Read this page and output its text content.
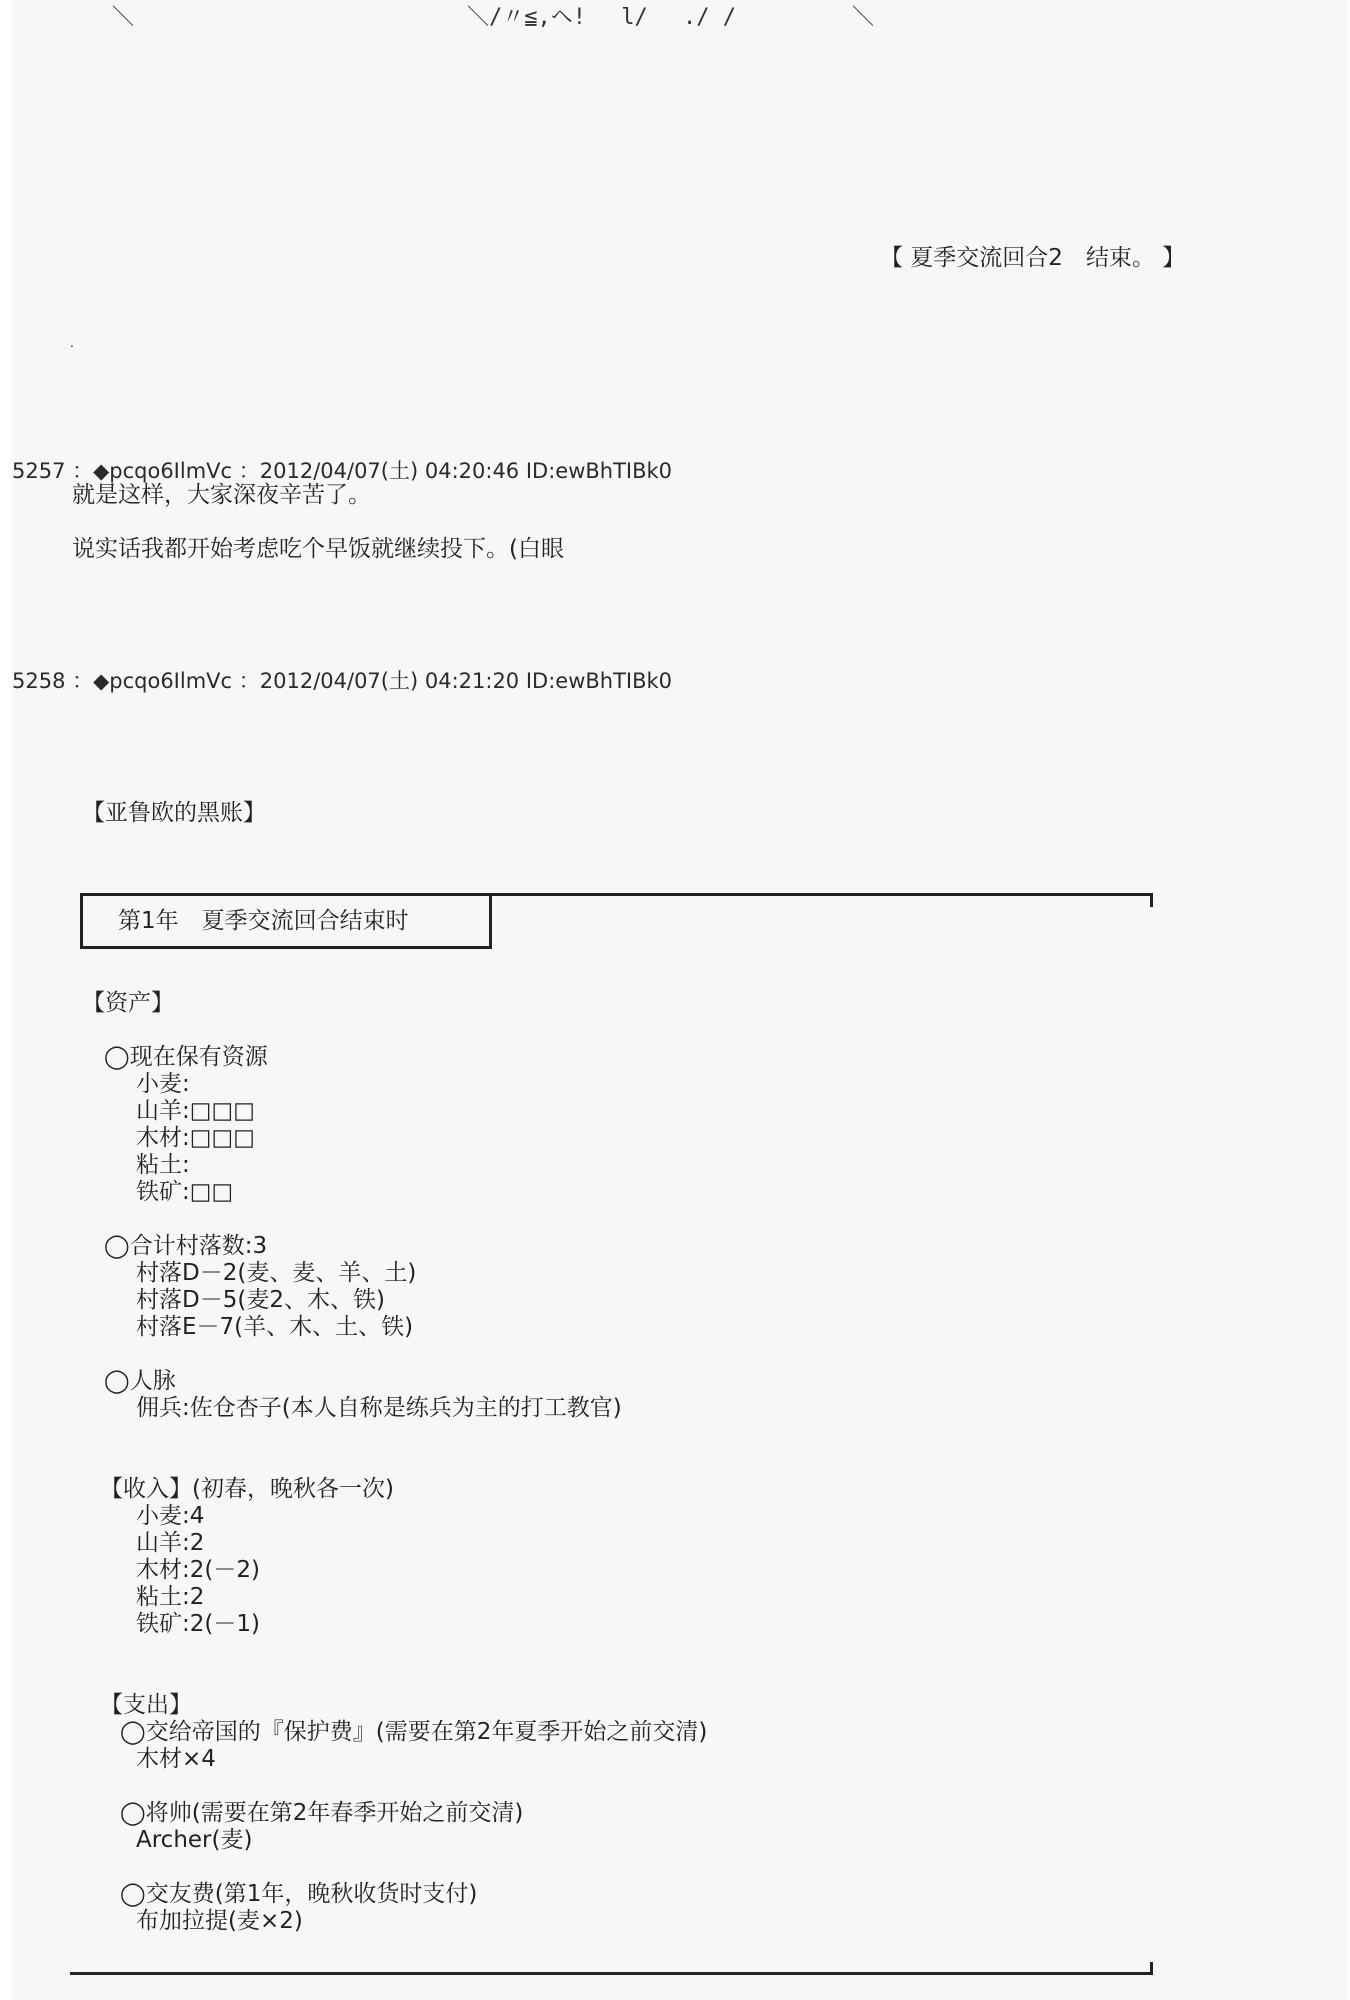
＼	＼/〃≦,ヘ!　 l/　 ./ /	＼
【 夏季交流回合2　结束。 】
.
5257 ：◆pcqo6IlmVc ：2012/04/07(土) 04:20:46 ID:ewBhTIBk0
就是这样，大家深夜辛苦了。
说实话我都开始考虑吃个早饭就继续投下。(白眼
5258 ：◆pcqo6IlmVc ：2012/04/07(土) 04:21:20 ID:ewBhTIBk0
【亚鲁欧的黑账】
第1年　夏季交流回合结束时
【资产】
◯现在保有资源
小麦:
山羊:□□□
木材:□□□
粘土:
铁矿:□□
◯合计村落数:3
村落D－2(麦、麦、羊、土)
村落D－5(麦2、木、铁)
村落E－7(羊、木、土、铁)
◯人脉
佣兵:佐仓杏子(本人自称是练兵为主的打工教官)
【收入】(初春，晚秋各一次)
小麦:4
山羊:2
木材:2(－2)
粘土:2
铁矿:2(－1)
【支出】
◯交给帝国的『保护费』(需要在第2年夏季开始之前交清)
木材×4
◯将帅(需要在第2年春季开始之前交清)
Archer(麦)
◯交友费(第1年，晚秋收货时支付)
布加拉提(麦×2)
